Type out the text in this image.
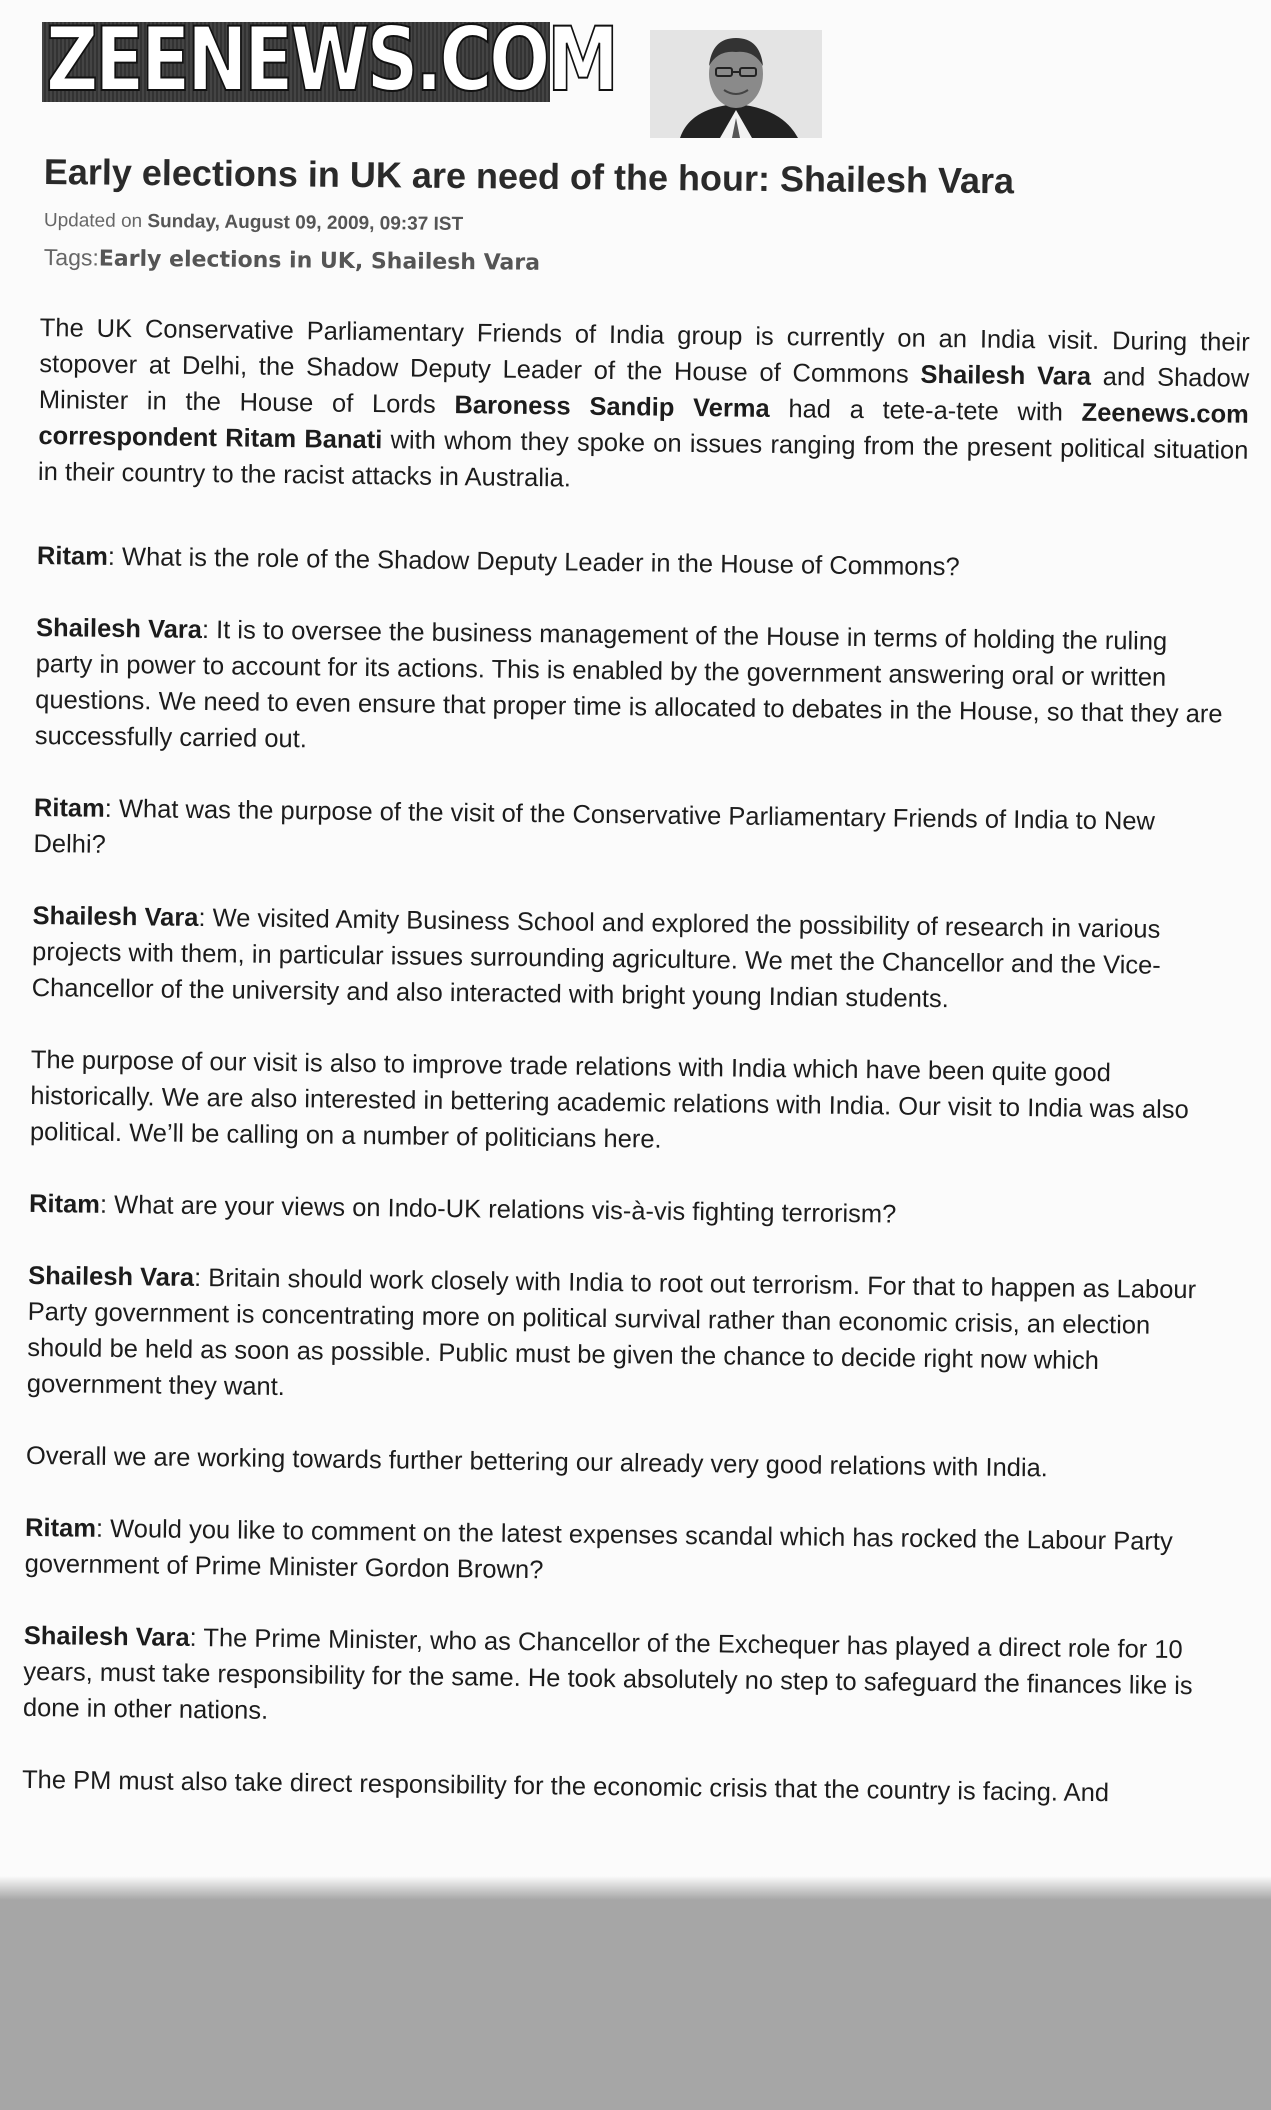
ZEENEWS.COM
Early elections in UK are need of the hour: Shailesh Vara
Updated on Sunday, August 09, 2009, 09:37 IST
Tags:Early elections in UK, Shailesh Vara

The UK Conservative Parliamentary Friends of India group is currently on an India visit. During their stopover at Delhi, the Shadow Deputy Leader of the House of Commons Shailesh Vara and Shadow Minister in the House of Lords Baroness Sandip Verma had a tete-a-tete with Zeenews.com correspondent Ritam Banati with whom they spoke on issues ranging from the present political situation in their country to the racist attacks in Australia.

Ritam: What is the role of the Shadow Deputy Leader in the House of Commons?

Shailesh Vara: It is to oversee the business management of the House in terms of holding the ruling party in power to account for its actions. This is enabled by the government answering oral or written questions. We need to even ensure that proper time is allocated to debates in the House, so that they are successfully carried out.

Ritam: What was the purpose of the visit of the Conservative Parliamentary Friends of India to New Delhi?

Shailesh Vara: We visited Amity Business School and explored the possibility of research in various projects with them, in particular issues surrounding agriculture. We met the Chancellor and the Vice-Chancellor of the university and also interacted with bright young Indian students.

The purpose of our visit is also to improve trade relations with India which have been quite good historically. We are also interested in bettering academic relations with India. Our visit to India was also political. We’ll be calling on a number of politicians here.

Ritam: What are your views on Indo-UK relations vis-à-vis fighting terrorism?

Shailesh Vara: Britain should work closely with India to root out terrorism. For that to happen as Labour Party government is concentrating more on political survival rather than economic crisis, an election should be held as soon as possible. Public must be given the chance to decide right now which government they want.

Overall we are working towards further bettering our already very good relations with India.

Ritam: Would you like to comment on the latest expenses scandal which has rocked the Labour Party government of Prime Minister Gordon Brown?

Shailesh Vara: The Prime Minister, who as Chancellor of the Exchequer has played a direct role for 10 years, must take responsibility for the same. He took absolutely no step to safeguard the finances like is done in other nations.

The PM must also take direct responsibility for the economic crisis that the country is facing. And
